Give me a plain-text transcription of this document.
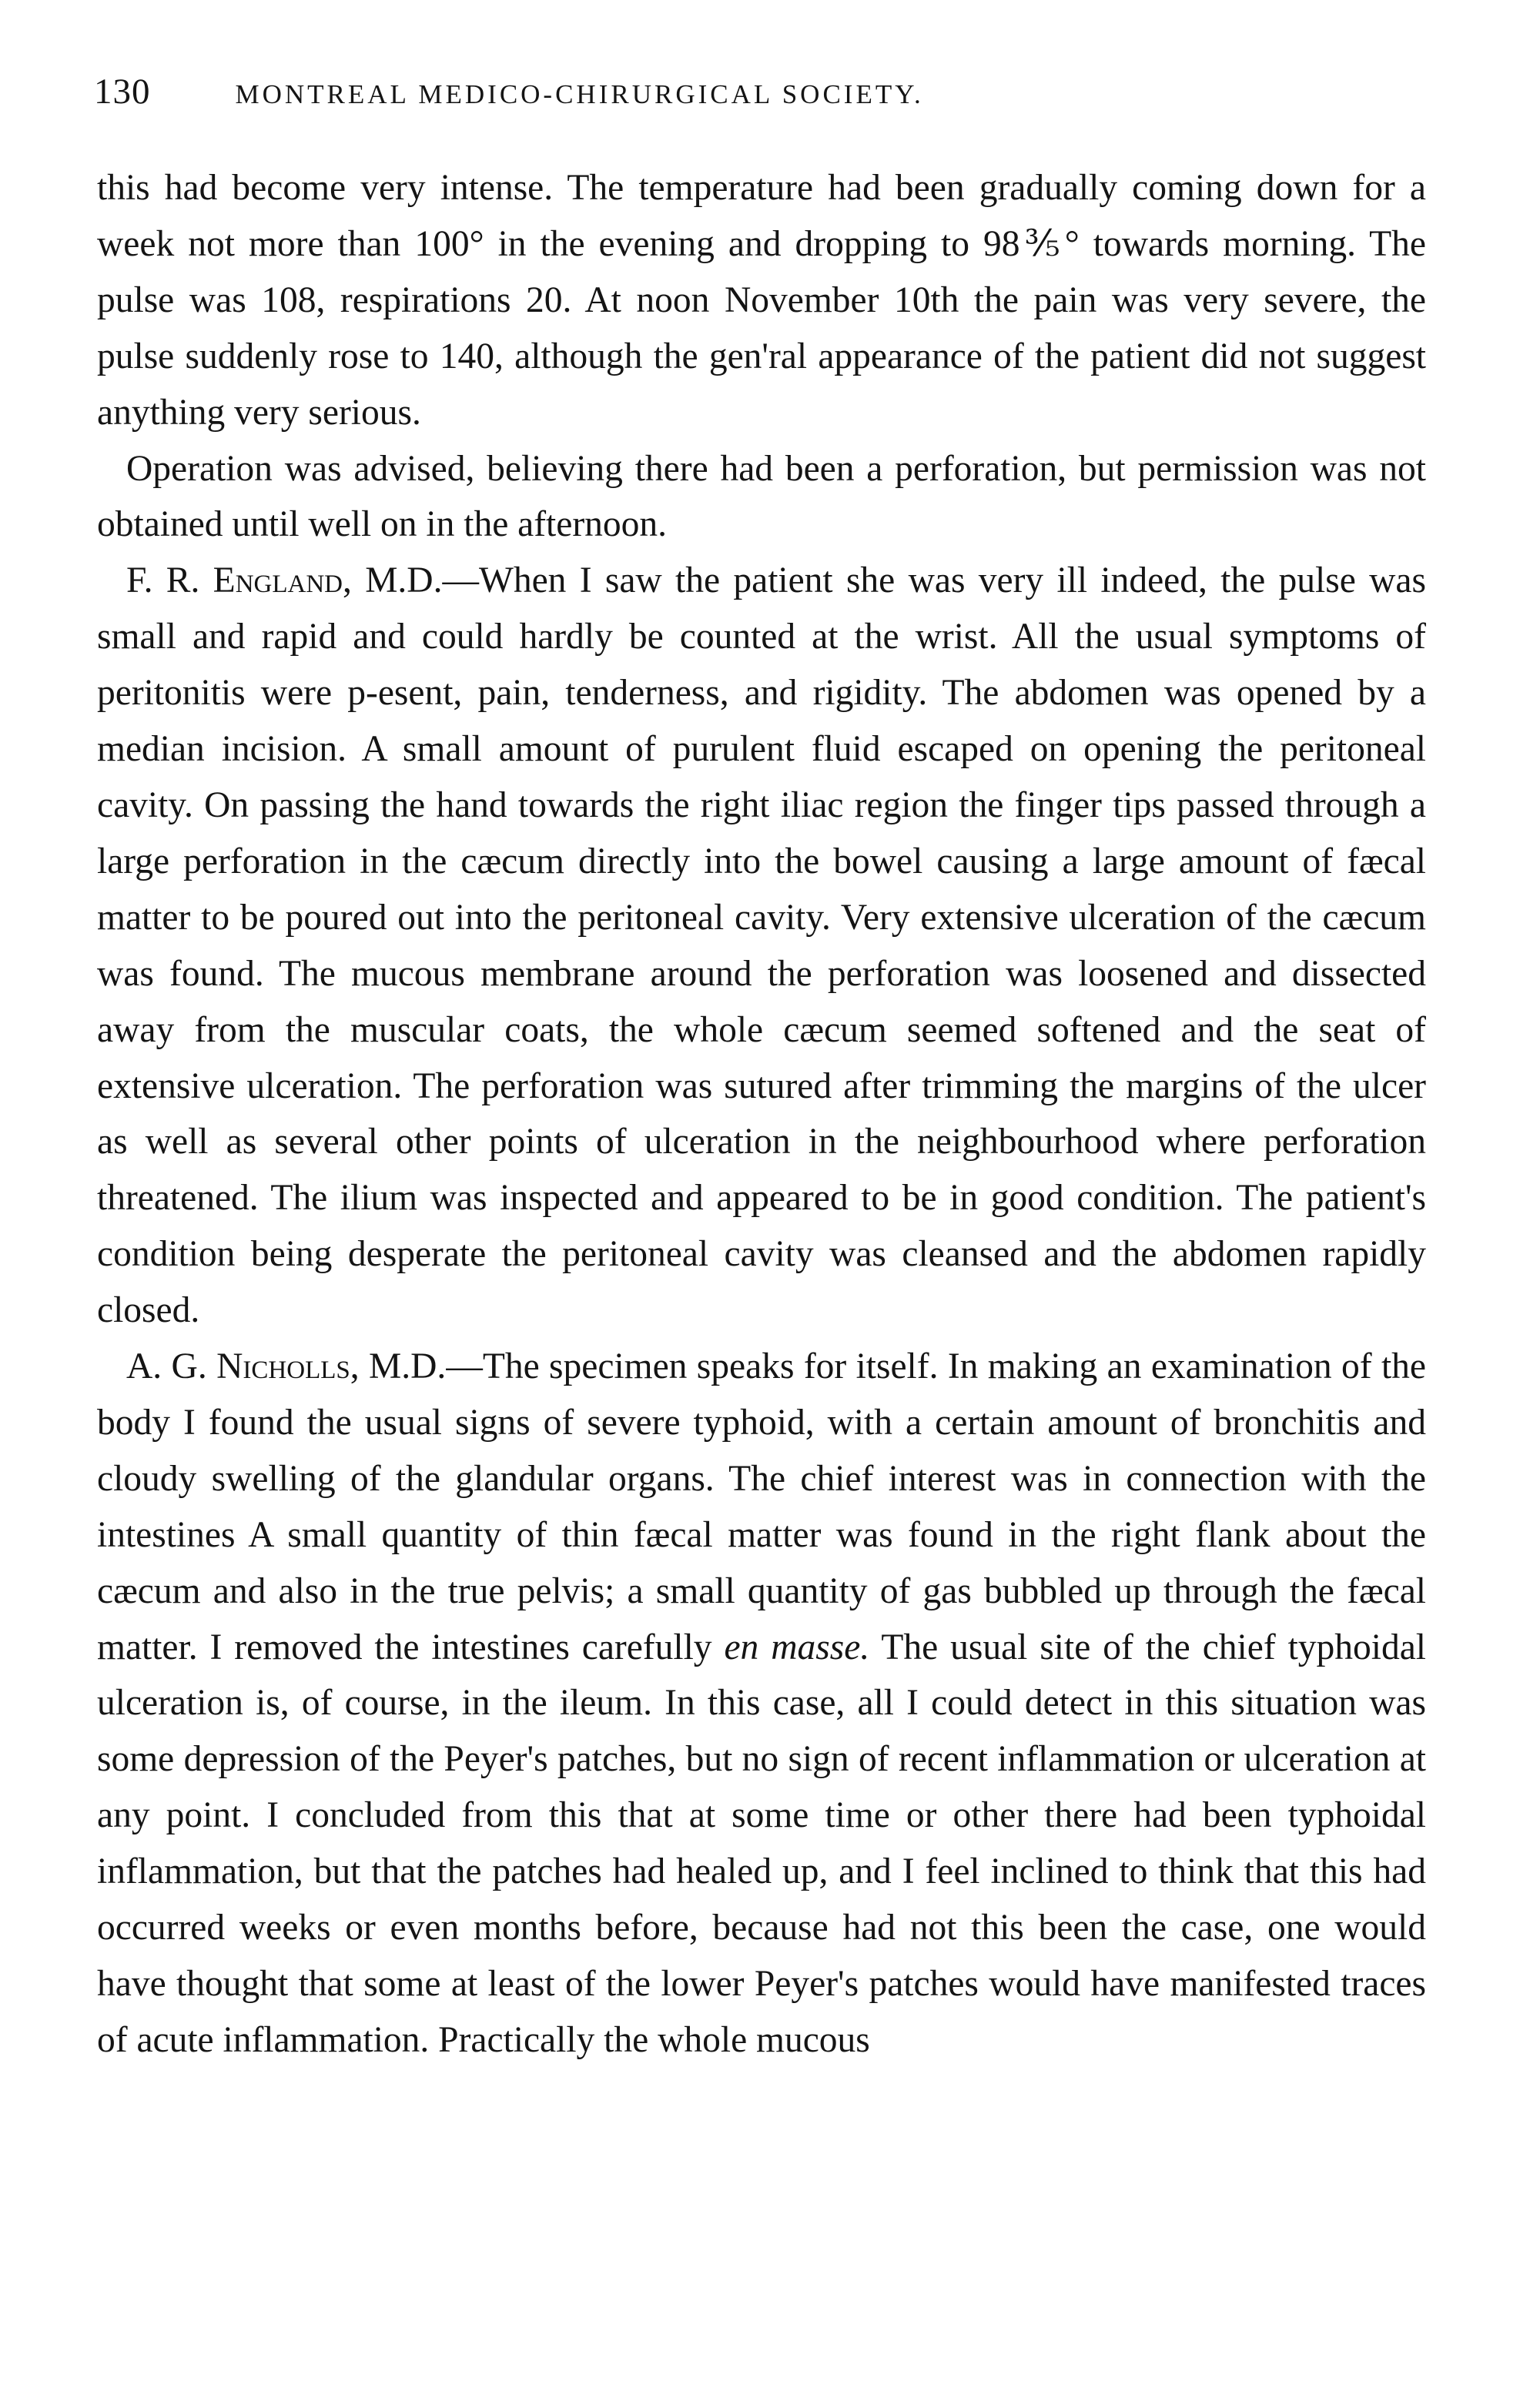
130	MONTREAL MEDICO-CHIRURGICAL SOCIETY.

this had become very intense. The temperature had been gradually coming down for a week not more than 100° in the evening and dropping to 98⅗° towards morning. The pulse was 108, respirations 20. At noon November 10th the pain was very severe, the pulse suddenly rose to 140, although the gen'ral appearance of the patient did not suggest anything very serious.

Operation was advised, believing there had been a perforation, but permission was not obtained until well on in the afternoon.

F. R. England, M.D.—When I saw the patient she was very ill indeed, the pulse was small and rapid and could hardly be counted at the wrist. All the usual symptoms of peritonitis were p-esent, pain, tenderness, and rigidity. The abdomen was opened by a median incision. A small amount of purulent fluid escaped on opening the peritoneal cavity. On passing the hand towards the right iliac region the finger tips passed through a large perforation in the cæcum directly into the bowel causing a large amount of fæcal matter to be poured out into the peritoneal cavity. Very extensive ulceration of the cæcum was found. The mucous membrane around the perforation was loosened and dissected away from the muscular coats, the whole cæcum seemed softened and the seat of extensive ulceration. The perforation was sutured after trimming the margins of the ulcer as well as several other points of ulceration in the neighbourhood where perforation threatened. The ilium was inspected and appeared to be in good condition. The patient's condition being desperate the peritoneal cavity was cleansed and the abdomen rapidly closed.

A. G. Nicholls, M.D.—The specimen speaks for itself. In making an examination of the body I found the usual signs of severe typhoid, with a certain amount of bronchitis and cloudy swelling of the glandular organs. The chief interest was in connection with the intestines A small quantity of thin fæcal matter was found in the right flank about the cæcum and also in the true pelvis; a small quantity of gas bubbled up through the fæcal matter. I removed the intestines carefully en masse. The usual site of the chief typhoidal ulceration is, of course, in the ileum. In this case, all I could detect in this situation was some depression of the Peyer's patches, but no sign of recent inflammation or ulceration at any point. I concluded from this that at some time or other there had been typhoidal inflammation, but that the patches had healed up, and I feel inclined to think that this had occurred weeks or even months before, because had not this been the case, one would have thought that some at least of the lower Peyer's patches would have manifested traces of acute inflammation. Practically the whole mucous
